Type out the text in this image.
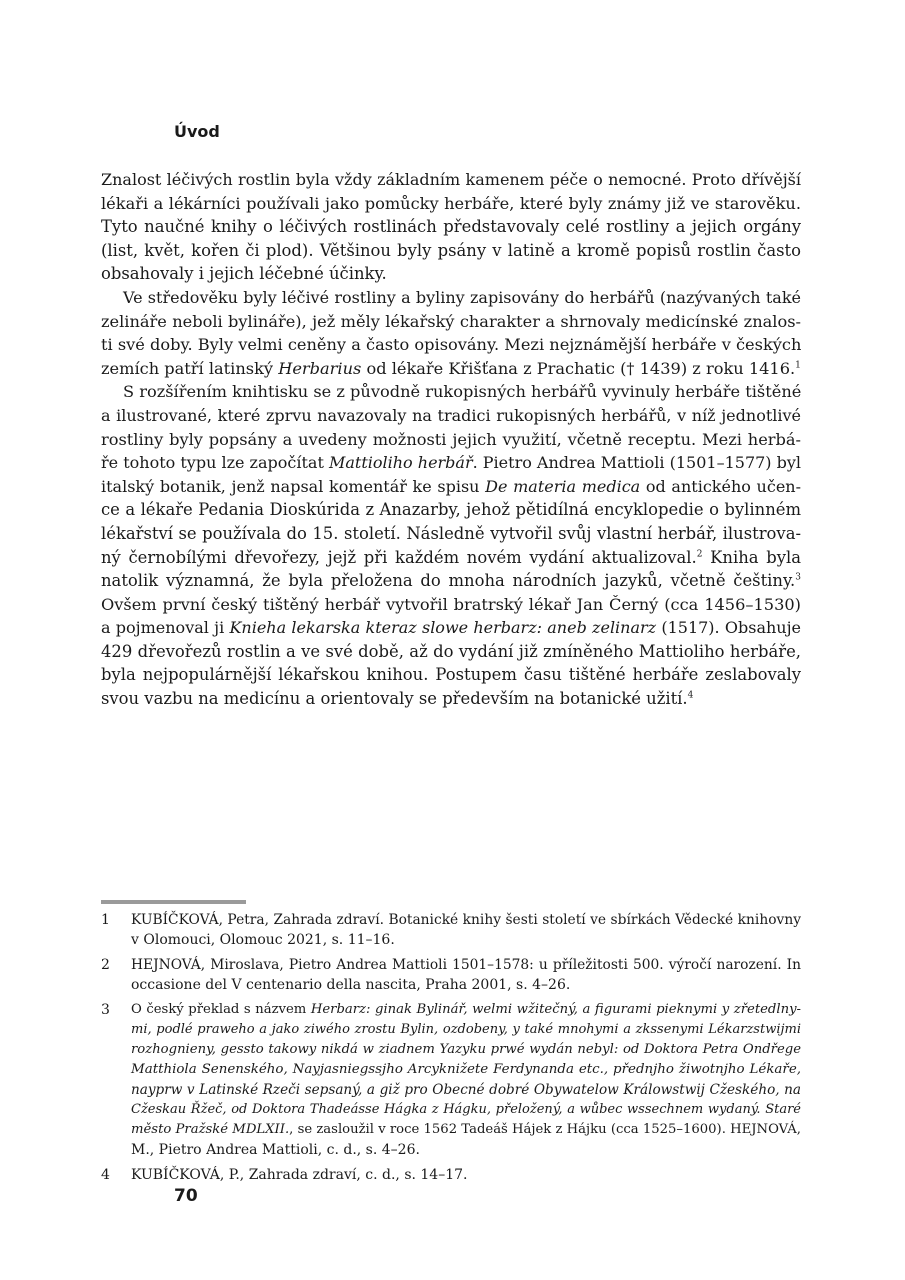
Úvod
Znalost léčivých rostlin byla vždy základním kamenem péče o nemocné. Proto dřívější
lékaři a lékárníci používali jako pomůcky herbáře, které byly známy již ve starověku.
Tyto naučné knihy o léčivých rostlinách představovaly celé rostliny a jejich orgány
(list, květ, kořen či plod). Většinou byly psány v latině a kromě popisů rostlin často
obsahovaly i jejich léčebné účinky.
Ve středověku byly léčivé rostliny a byliny zapisovány do herbářů (nazývaných také
zelináře neboli bylináře), jež měly lékařský charakter a shrnovaly medicínské znalos-
ti své doby. Byly velmi ceněny a často opisovány. Mezi nejznámější herbáře v českých
zemích patří latinský Herbarius od lékaře Křišťana z Prachatic († 1439) z roku 1416.$^1$
S rozšířením knihtisku se z původně rukopisných herbářů vyvinuly herbáře tištěné
a ilustrované, které zprvu navazovaly na tradici rukopisných herbářů, v níž jednotlivé
rostliny byly popsány a uvedeny možnosti jejich využití, včetně receptu. Mezi herbá-
ře tohoto typu lze započítat Mattioliho herbář. Pietro Andrea Mattioli (1501–1577) byl
italský botanik, jenž napsal komentář ke spisu De materia medica od antického učen-
ce a lékaře Pedania Dioskúrida z Anazarby, jehož pětidílná encyklopedie o bylinném
lékařství se používala do 15. století. Následně vytvořil svůj vlastní herbář, ilustrova-
ný černobílými dřevořezy, jejž při každém novém vydání aktualizoval.$^2$ Kniha byla
natolik významná, že byla přeložena do mnoha národních jazyků, včetně češtiny.$^3$
Ovšem první český tištěný herbář vytvořil bratrský lékař Jan Černý (cca 1456–1530)
a pojmenoval ji Knieha lekarska kteraz slowe herbarz: aneb zelinarz (1517). Obsahuje
429 dřevořezů rostlin a ve své době, až do vydání již zmíněného Mattioliho herbáře,
byla nejpopulárnější lékařskou knihou. Postupem času tištěné herbáře zeslabovaly
svou vazbu na medicínu a orientovaly se především na botanické užití.$^4$
1 KUBÍČKOVÁ, Petra, Zahrada zdraví. Botanické knihy šesti století ve sbírkách Vědecké knihovny
v Olomouci, Olomouc 2021, s. 11–16.
2 HEJNOVÁ, Miroslava, Pietro Andrea Mattioli 1501–1578: u příležitosti 500. výročí narození. In
occasione del V centenario della nascita, Praha 2001, s. 4–26.
3 O český překlad s názvem Herbarz: ginak Bylinář, welmi wžitečný, a figurami pieknymi y zřetedlny-
mi, podlé praweho a jako ziwého zrostu Bylin, ozdobeny, y také mnohymi a zkssenymi Lékarzstwijmi
rozhognieny, gessto takowy nikdá w ziadnem Yazyku prwé wydán nebyl: od Doktora Petra Ondřege
Matthiola Senenského, Nayjasniegssjho Arcyknižete Ferdynanda etc., přednjho žiwotnjho Lékaře,
nayprw v Latinské Rzeči sepsaný, a giž pro Obecné dobré Obywatelow Králowstwij Cžeského, na
Cžeskau Řžeč, od Doktora Thadeásse Hágka z Hágku, přeložený, a wůbec wssechnem wydaný. Staré
město Pražské MDLXII., se zasloužil v roce 1562 Tadeáš Hájek z Hájku (cca 1525–1600). HEJNOVÁ,
M., Pietro Andrea Mattioli, c. d., s. 4–26.
4 KUBÍČKOVÁ, P., Zahrada zdraví, c. d., s. 14–17.
70
